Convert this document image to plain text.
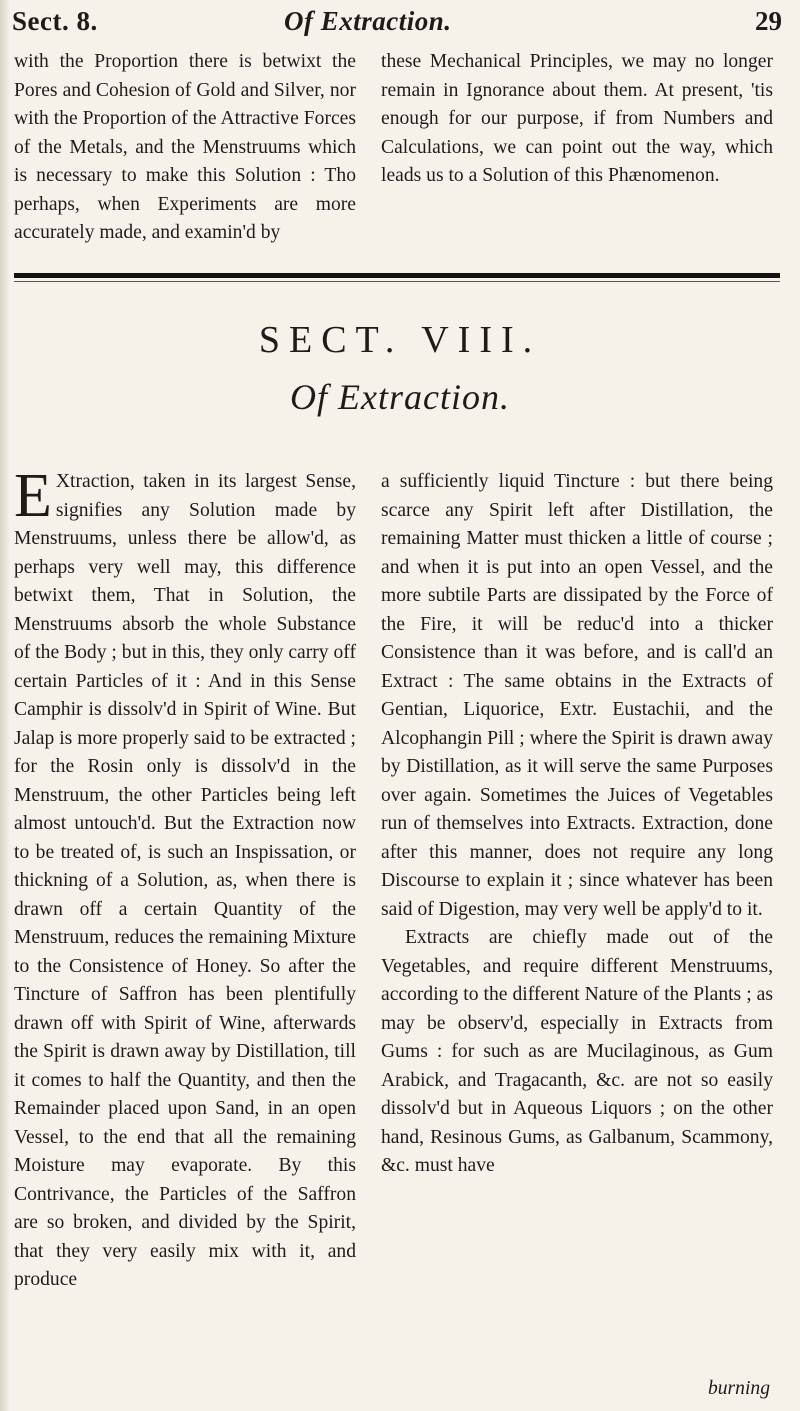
Sect. 8.	Of Extraction.	29

with the Proportion there is betwixt the Pores and Cohesion of Gold and Silver, nor with the Proportion of the Attractive Forces of the Metals, and the Menstruums which is necessary to make this Solution : Tho perhaps, when Experiments are more accurately made, and examin'd by

these Mechanical Principles, we may no longer remain in Ignorance about them. At present, 'tis enough for our purpose, if from Numbers and Calculations, we can point out the way, which leads us to a Solution of this Phænomenon.

SECT. VIII.
Of Extraction.

E Xtraction, taken in its largest Sense, signifies any Solution made by Menstruums, unless there be allow'd, as perhaps very well may, this difference betwixt them, That in Solution, the Menstruums absorb the whole Substance of the Body ; but in this, they only carry off certain Particles of it : And in this Sense Camphir is dissolv'd in Spirit of Wine. But Jalap is more properly said to be extracted ; for the Rosin only is dissolv'd in the Menstruum, the other Particles being left almost untouch'd. But the Extraction now to be treated of, is such an Inspissation, or thickning of a Solution, as, when there is drawn off a certain Quantity of the Menstruum, reduces the remaining Mixture to the Consistence of Honey. So after the Tincture of Saffron has been plentifully drawn off with Spirit of Wine, afterwards the Spirit is drawn away by Distillation, till it comes to half the Quantity, and then the Remainder placed upon Sand, in an open Vessel, to the end that all the remaining Moisture may evaporate. By this Contrivance, the Particles of the Saffron are so broken, and divided by the Spirit, that they very easily mix with it, and produce

a sufficiently liquid Tincture : but there being scarce any Spirit left after Distillation, the remaining Matter must thicken a little of course ; and when it is put into an open Vessel, and the more subtile Parts are dissipated by the Force of the Fire, it will be reduc'd into a thicker Consistence than it was before, and is call'd an Extract : The same obtains in the Extracts of Gentian, Liquorice, Extr. Eustachii, and the Alcophangin Pill ; where the Spirit is drawn away by Distillation, as it will serve the same Purposes over again. Sometimes the Juices of Vegetables run of themselves into Extracts. Extraction, done after this manner, does not require any long Discourse to explain it ; since whatever has been said of Digestion, may very well be apply'd to it.

Extracts are chiefly made out of the Vegetables, and require different Menstruums, according to the different Nature of the Plants ; as may be observ'd, especially in Extracts from Gums : for such as are Mucilaginous, as Gum Arabick, and Tragacanth, &c. are not so easily dissolv'd but in Aqueous Liquors ; on the other hand, Resinous Gums, as Galbanum, Scammony, &c. must have

burning
